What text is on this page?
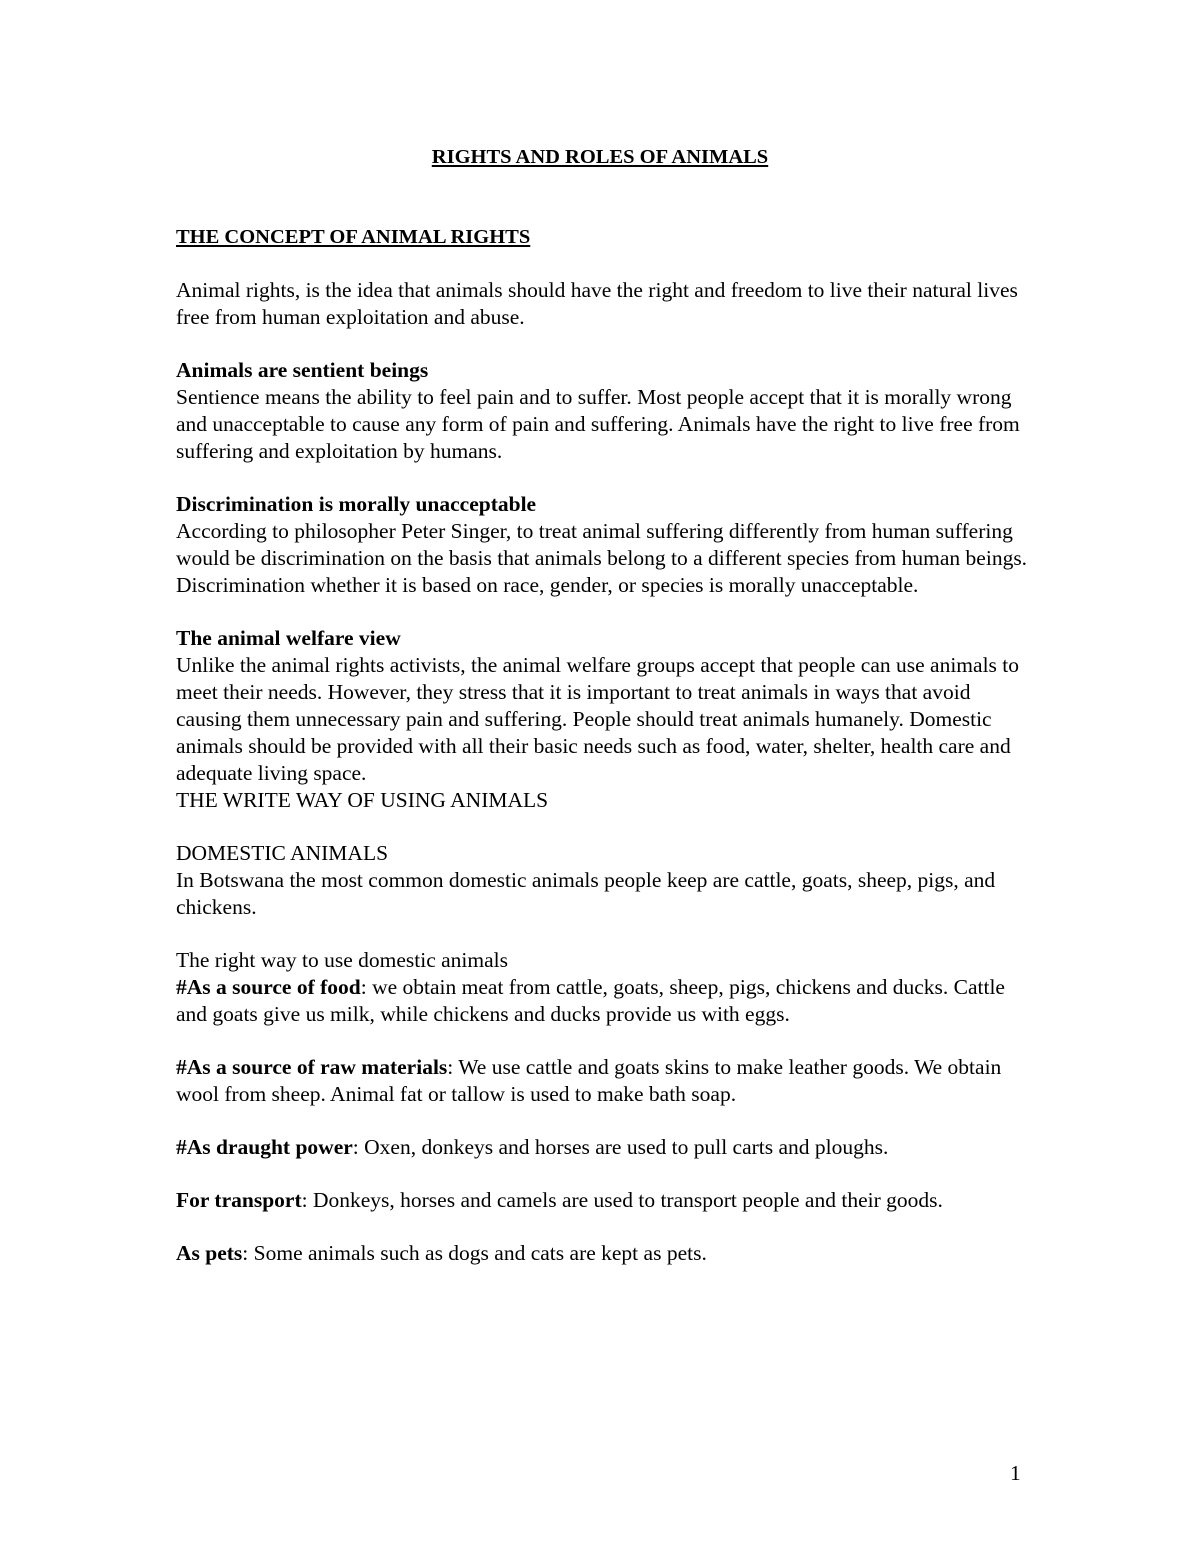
RIGHTS AND ROLES OF ANIMALS

THE CONCEPT OF ANIMAL RIGHTS

Animal rights, is the idea that animals should have the right and freedom to live their natural lives free from human exploitation and abuse.

Animals are sentient beings

Sentience means the ability to feel pain and to suffer. Most people accept that it is morally wrong and unacceptable to cause any form of pain and suffering. Animals have the right to live free from suffering and exploitation by humans.

Discrimination is morally unacceptable

According to philosopher Peter Singer, to treat animal suffering differently from human suffering would be discrimination on the basis that animals belong to a different species from human beings. Discrimination whether it is based on race, gender, or species is morally unacceptable.

The animal welfare view

Unlike the animal rights activists, the animal welfare groups accept that people can use animals to meet their needs. However, they stress that it is important to treat animals in ways that avoid causing them unnecessary pain and suffering. People should treat animals humanely. Domestic animals should be provided with all their basic needs such as food, water, shelter, health care and adequate living space.

THE WRITE WAY OF USING ANIMALS

DOMESTIC ANIMALS

In Botswana the most common domestic animals people keep are cattle, goats, sheep, pigs, and chickens.

The right way to use domestic animals

#As a source of food: we obtain meat from cattle, goats, sheep, pigs, chickens and ducks. Cattle and goats give us milk, while chickens and ducks provide us with eggs.

#As a source of raw materials: We use cattle and goats skins to make leather goods. We obtain wool from sheep. Animal fat or tallow is used to make bath soap.

#As draught power: Oxen, donkeys and horses are used to pull carts and ploughs.

For transport: Donkeys, horses and camels are used to transport people and their goods.

As pets: Some animals such as dogs and cats are kept as pets.

1
